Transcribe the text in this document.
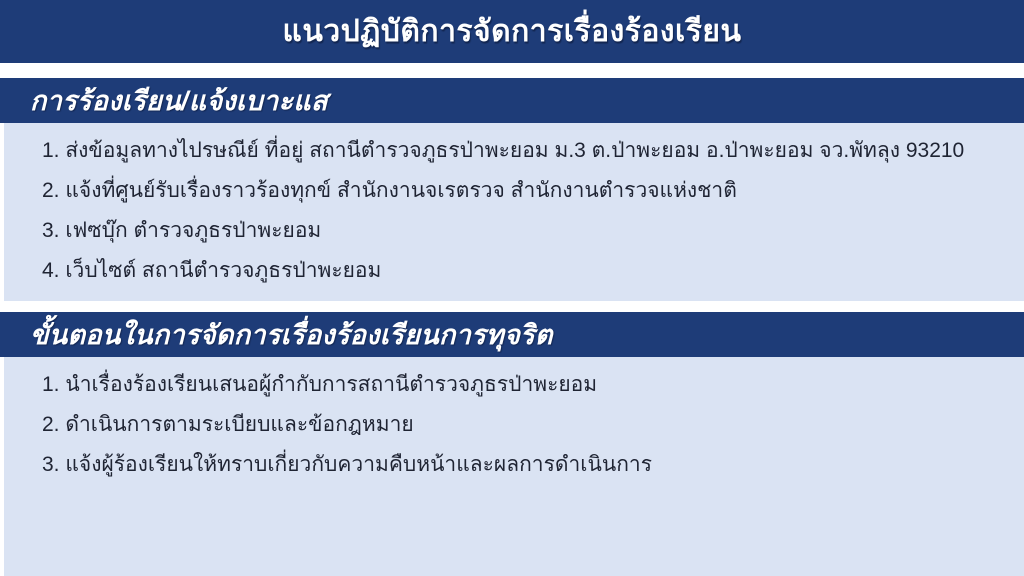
แนวปฏิบัติการจัดการเรื่องร้องเรียน
การร้องเรียน/แจ้งเบาะแส
1. ส่งข้อมูลทางไปรษณีย์ ที่อยู่ สถานีตำรวจภูธรป่าพะยอม ม.3 ต.ป่าพะยอม อ.ป่าพะยอม จว.พัทลุง 93210
2. แจ้งที่ศูนย์รับเรื่องราวร้องทุกข์ สำนักงานจเรตรวจ สำนักงานตำรวจแห่งชาติ
3. เฟซบุ๊ก ตำรวจภูธรป่าพะยอม
4. เว็บไซต์ สถานีตำรวจภูธรป่าพะยอม
ขั้นตอนในการจัดการเรื่องร้องเรียนการทุจริต
1. นำเรื่องร้องเรียนเสนอผู้กำกับการสถานีตำรวจภูธรป่าพะยอม
2. ดำเนินการตามระเบียบและข้อกฎหมาย
3. แจ้งผู้ร้องเรียนให้ทราบเกี่ยวกับความคืบหน้าและผลการดำเนินการ
